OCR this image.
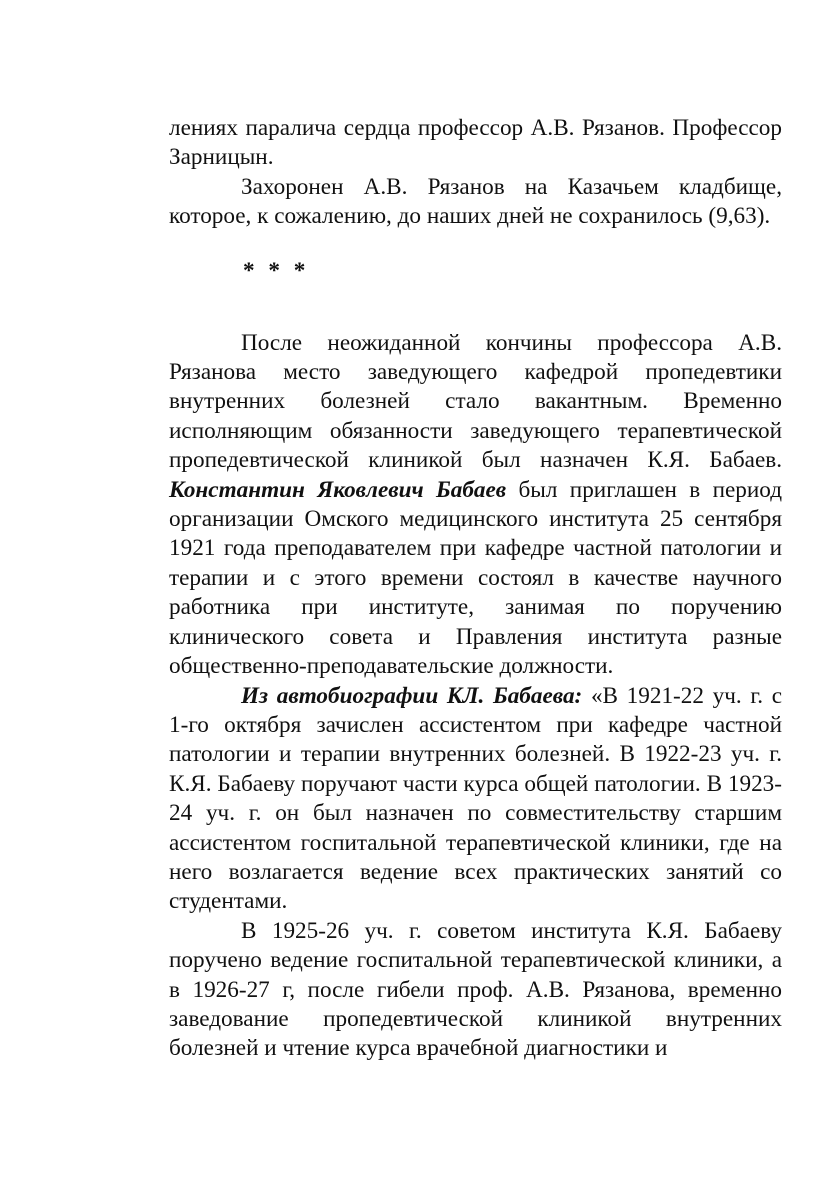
лениях паралича сердца профессор А.В. Рязанов. Профессор Зарницын.

Захоронен А.В. Рязанов на Казачьем кладбище, которое, к сожалению, до наших дней не сохранилось (9,63).

* * *

После неожиданной кончины профессора А.В. Рязанова место заведующего кафедрой пропедевтики внутренних болезней стало вакантным. Временно исполняющим обязанности заведующего терапевтической пропедевтической клиникой был назначен К.Я. Бабаев. Константин Яковлевич Бабаев был приглашен в период организации Омского медицинского института 25 сентября 1921 года преподавателем при кафедре частной патологии и терапии и с этого времени состоял в качестве научного работника при институте, занимая по поручению клинического совета и Правления института разные общественно-преподавательские должности.

Из автобиографии КЛ. Бабаева: «В 1921-22 уч. г. с 1-го октября зачислен ассистентом при кафедре частной патологии и терапии внутренних болезней. В 1922-23 уч. г. К.Я. Бабаеву поручают части курса общей патологии. В 1923-24 уч. г. он был назначен по совместительству старшим ассистентом госпитальной терапевтической клиники, где на него возлагается ведение всех практических занятий со студентами.

В 1925-26 уч. г. советом института К.Я. Бабаеву поручено ведение госпитальной терапевтической клиники, а в 1926-27 г, после гибели проф. А.В. Рязанова, временно заведование пропедевтической клиникой внутренних болезней и чтение курса врачебной диагностики и
